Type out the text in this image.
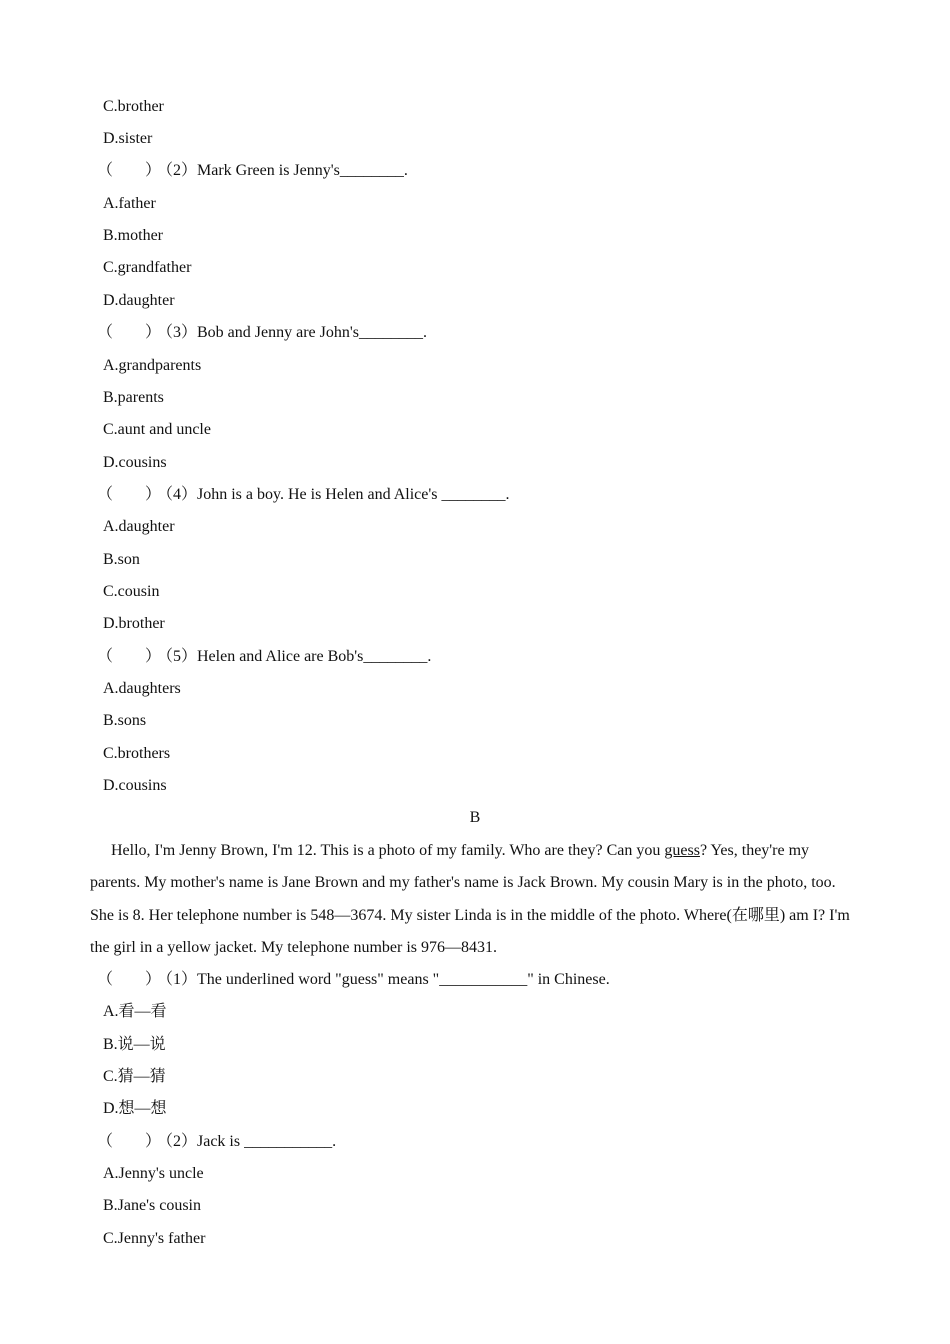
C.brother
D.sister
（　　）（2）Mark Green is Jenny's________.
A.father
B.mother
C.grandfather
D.daughter
（　　）（3）Bob and Jenny are John's________.
A.grandparents
B.parents
C.aunt and uncle
D.cousins
（　　）（4）John is a boy. He is Helen and Alice's ________.
A.daughter
B.son
C.cousin
D.brother
（　　）（5）Helen and Alice are Bob's________.
A.daughters
B.sons
C.brothers
D.cousins
B
Hello, I'm Jenny Brown, I'm 12. This is a photo of my family. Who are they? Can you guess? Yes, they're my parents. My mother's name is Jane Brown and my father's name is Jack Brown. My cousin Mary is in the photo, too. She is 8. Her telephone number is 548—3674. My sister Linda is in the middle of the photo. Where(在哪里) am I? I'm the girl in a yellow jacket. My telephone number is 976—8431.
（　　）（1）The underlined word "guess" means "___________" in Chinese.
A.看—看
B.说—说
C.猜—猜
D.想—想
（　　）（2）Jack is ___________.
A.Jenny's uncle
B.Jane's cousin
C.Jenny's father
